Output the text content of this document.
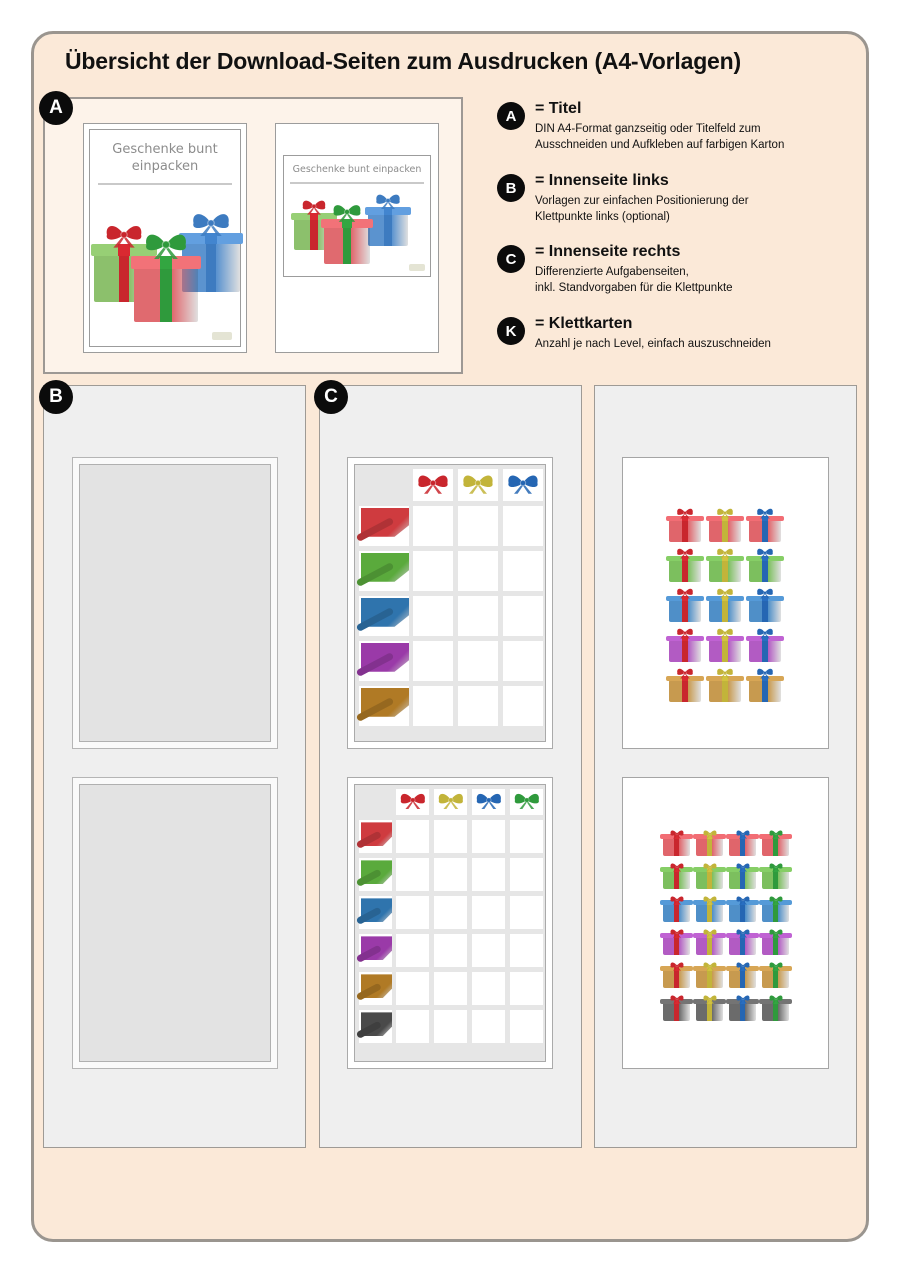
Übersicht der Download-Seiten zum Ausdrucken (A4-Vorlagen)
Geschenke bunt
einpacken	Geschenke bunt einpacken
A	A	= Titel
DIN A4-Format ganzseitig oder Titelfeld zum
Ausschneiden und Aufkleben auf farbigen Karton
B	= Innenseite links
Vorlagen zur einfachen Positionierung der
Klettpunkte links (optional)
C	= Innenseite rechts
Differenzierte Aufgabenseiten,
inkl. Standvorgaben für die Klettpunkte
K	= Klettkarten
Anzahl je nach Level, einfach auszuschneiden
B	C
